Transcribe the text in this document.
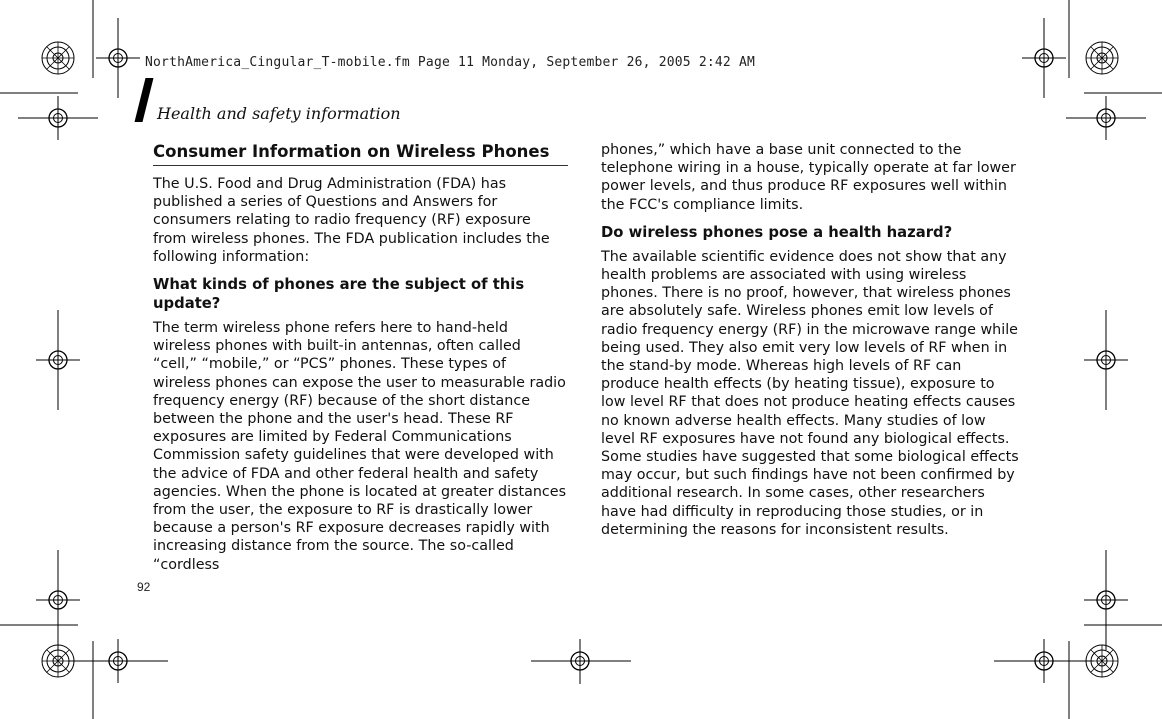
NorthAmerica_Cingular_T-mobile.fm Page 11 Monday, September 26, 2005 2:42 AM
Health and safety information
Consumer Information on Wireless Phones

The U.S. Food and Drug Administration (FDA) has published a series of Questions and Answers for consumers relating to radio frequency (RF) exposure from wireless phones. The FDA publication includes the following information:

What kinds of phones are the subject of this update?

The term wireless phone refers here to hand-held wireless phones with built-in antennas, often called “cell,” “mobile,” or “PCS” phones. These types of wireless phones can expose the user to measurable radio frequency energy (RF) because of the short distance between the phone and the user's head. These RF exposures are limited by Federal Communications Commission safety guidelines that were developed with the advice of FDA and other federal health and safety agencies. When the phone is located at greater distances from the user, the exposure to RF is drastically lower because a person's RF exposure decreases rapidly with increasing distance from the source. The so-called “cordless

phones,” which have a base unit connected to the telephone wiring in a house, typically operate at far lower power levels, and thus produce RF exposures well within the FCC's compliance limits.

Do wireless phones pose a health hazard?

The available scientific evidence does not show that any health problems are associated with using wireless phones. There is no proof, however, that wireless phones are absolutely safe. Wireless phones emit low levels of radio frequency energy (RF) in the microwave range while being used. They also emit very low levels of RF when in the stand-by mode. Whereas high levels of RF can produce health effects (by heating tissue), exposure to low level RF that does not produce heating effects causes no known adverse health effects. Many studies of low level RF exposures have not found any biological effects. Some studies have suggested that some biological effects may occur, but such findings have not been confirmed by additional research. In some cases, other researchers have had difficulty in reproducing those studies, or in determining the reasons for inconsistent results.

92
